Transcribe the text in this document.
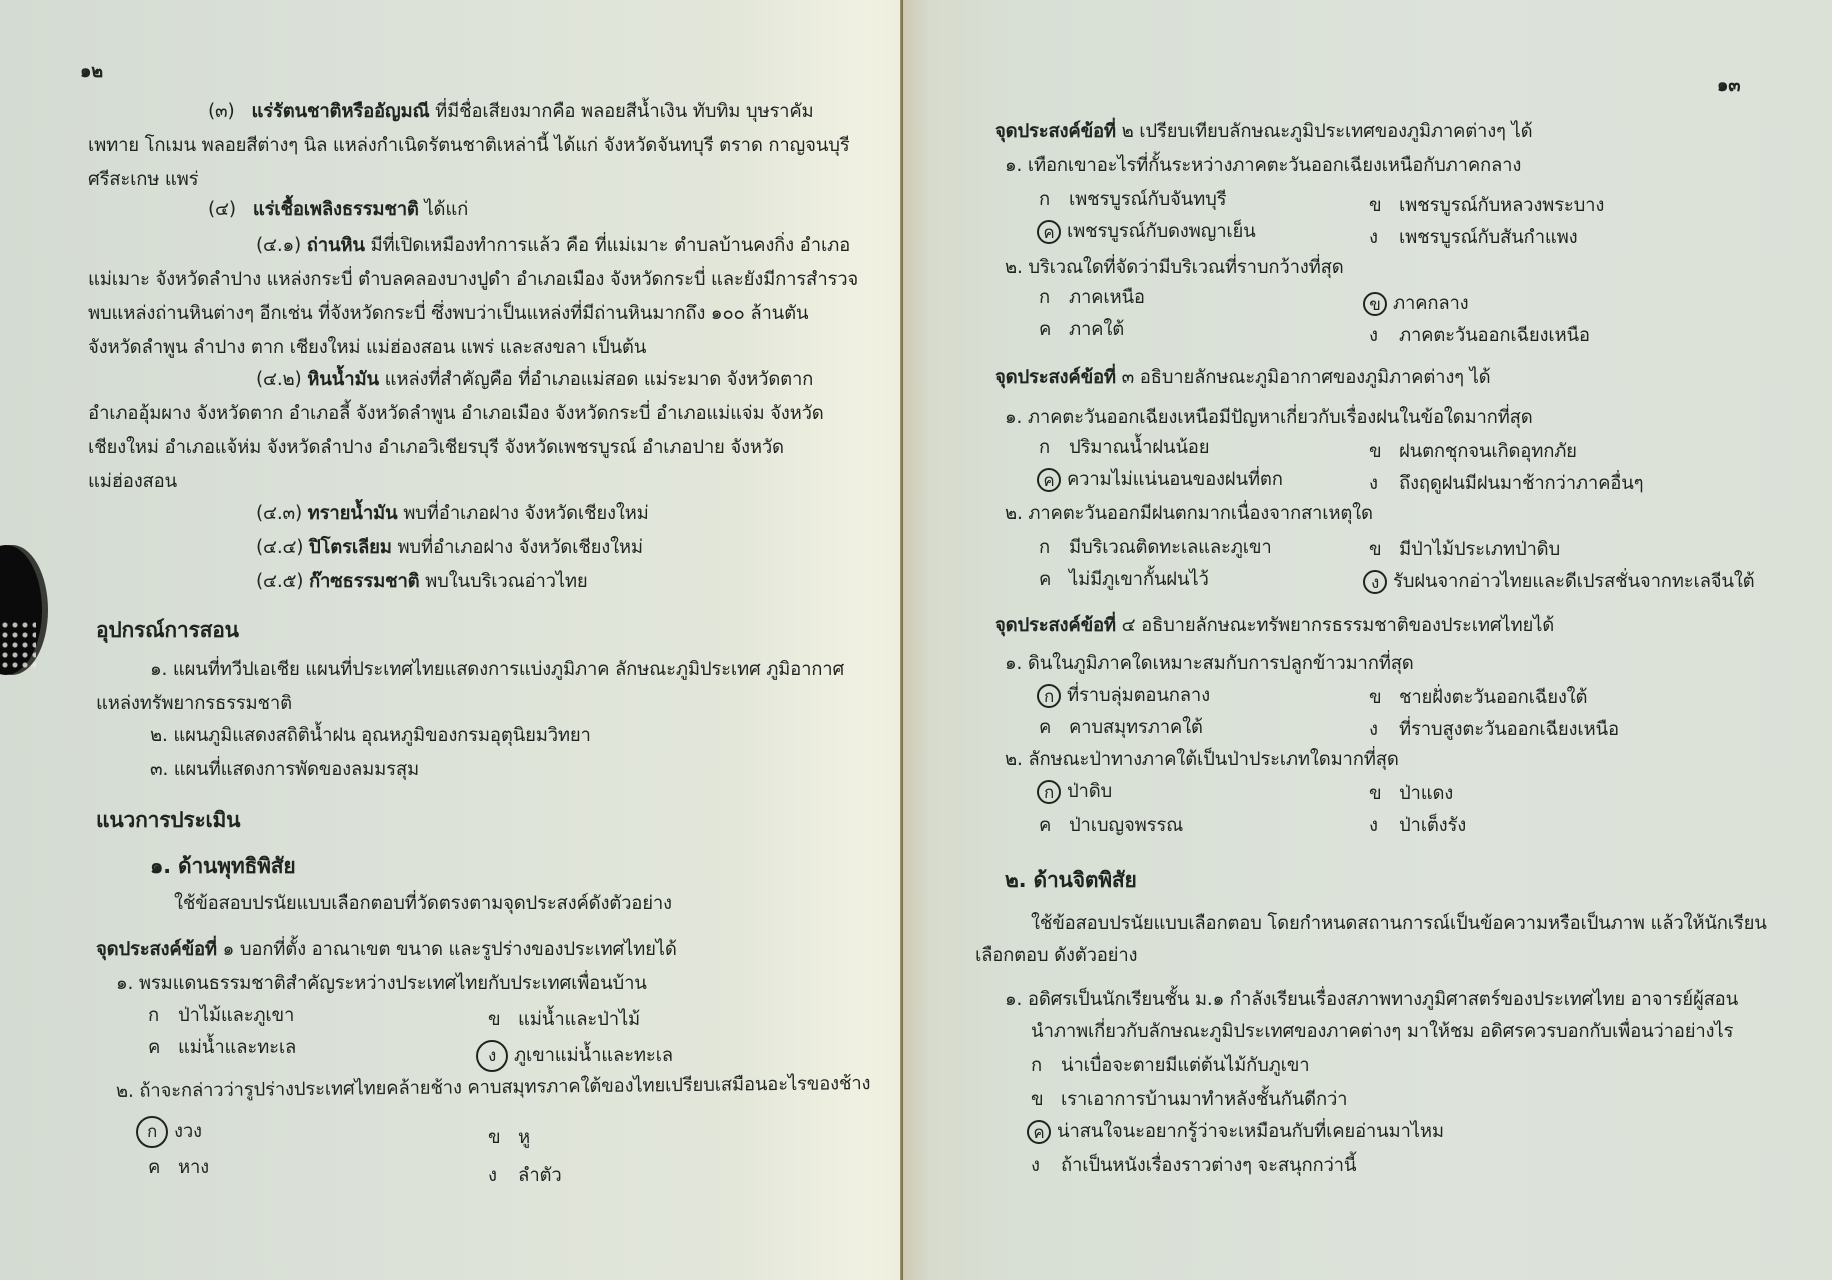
๑๒
(๓) แร่รัตนชาติหรืออัญมณี ที่มีชื่อเสียงมากคือ พลอยสีน้ำเงิน ทับทิม บุษราคัม
เพทาย โกเมน พลอยสีต่างๆ นิล แหล่งกำเนิดรัตนชาติเหล่านี้ ได้แก่ จังหวัดจันทบุรี ตราด กาญจนบุรี
ศรีสะเกษ แพร่
(๔) แร่เชื้อเพลิงธรรมชาติ ได้แก่
(๔.๑) ถ่านหิน มีที่เปิดเหมืองทำการแล้ว คือ ที่แม่เมาะ ตำบลบ้านคงกิ่ง อำเภอ
แม่เมาะ จังหวัดลำปาง แหล่งกระบี่ ตำบลคลองบางปูดำ อำเภอเมือง จังหวัดกระบี่ และยังมีการสำรวจ
พบแหล่งถ่านหินต่างๆ อีกเช่น ที่จังหวัดกระบี่ ซึ่งพบว่าเป็นแหล่งที่มีถ่านหินมากถึง ๑๐๐ ล้านตัน
จังหวัดลำพูน ลำปาง ตาก เชียงใหม่ แม่ฮ่องสอน แพร่ และสงขลา เป็นต้น
(๔.๒) หินน้ำมัน แหล่งที่สำคัญคือ ที่อำเภอแม่สอด แม่ระมาด จังหวัดตาก
อำเภออุ้มผาง จังหวัดตาก อำเภอลี้ จังหวัดลำพูน อำเภอเมือง จังหวัดกระบี่ อำเภอแม่แจ่ม จังหวัด
เชียงใหม่ อำเภอแจ้ห่ม จังหวัดลำปาง อำเภอวิเชียรบุรี จังหวัดเพชรบูรณ์ อำเภอปาย จังหวัด
แม่ฮ่องสอน
(๔.๓) ทรายน้ำมัน พบที่อำเภอฝาง จังหวัดเชียงใหม่
(๔.๔) ปิโตรเลียม พบที่อำเภอฝาง จังหวัดเชียงใหม่
(๔.๕) ก๊าซธรรมชาติ พบในบริเวณอ่าวไทย
อุปกรณ์การสอน
๑. แผนที่ทวีปเอเชีย แผนที่ประเทศไทยแสดงการแบ่งภูมิภาค ลักษณะภูมิประเทศ ภูมิอากาศ
แหล่งทรัพยากรธรรมชาติ
๒. แผนภูมิแสดงสถิติน้ำฝน อุณหภูมิของกรมอุตุนิยมวิทยา
๓. แผนที่แสดงการพัดของลมมรสุม
แนวการประเมิน
๑. ด้านพุทธิพิสัย
ใช้ข้อสอบปรนัยแบบเลือกตอบที่วัดตรงตามจุดประสงค์ดังตัวอย่าง
จุดประสงค์ข้อที่ ๑ บอกที่ตั้ง อาณาเขต ขนาด และรูปร่างของประเทศไทยได้
๑. พรมแดนธรรมชาติสำคัญระหว่างประเทศไทยกับประเทศเพื่อนบ้าน
ก ป่าไม้และภูเขา	ข แม่น้ำและป่าไม้
ค แม่น้ำและทะเล	ง ภูเขาแม่น้ำและทะเล
๒. ถ้าจะกล่าวว่ารูปร่างประเทศไทยคล้ายช้าง คาบสมุทรภาคใต้ของไทยเปรียบเสมือนอะไรของช้าง
ก งวง	ข หู
ค หาง	ง ลำตัว
๑๓
จุดประสงค์ข้อที่ ๒ เปรียบเทียบลักษณะภูมิประเทศของภูมิภาคต่างๆ ได้
๑. เทือกเขาอะไรที่กั้นระหว่างภาคตะวันออกเฉียงเหนือกับภาคกลาง
ก เพชรบูรณ์กับจันทบุรี	ข เพชรบูรณ์กับหลวงพระบาง
ค เพชรบูรณ์กับดงพญาเย็น	ง เพชรบูรณ์กับสันกำแพง
๒. บริเวณใดที่จัดว่ามีบริเวณที่ราบกว้างที่สุด
ก ภาคเหนือ	ข ภาคกลาง
ค ภาคใต้	ง ภาคตะวันออกเฉียงเหนือ
จุดประสงค์ข้อที่ ๓ อธิบายลักษณะภูมิอากาศของภูมิภาคต่างๆ ได้
๑. ภาคตะวันออกเฉียงเหนือมีปัญหาเกี่ยวกับเรื่องฝนในข้อใดมากที่สุด
ก ปริมาณน้ำฝนน้อย	ข ฝนตกชุกจนเกิดอุทกภัย
ค ความไม่แน่นอนของฝนที่ตก	ง ถึงฤดูฝนมีฝนมาช้ากว่าภาคอื่นๆ
๒. ภาคตะวันออกมีฝนตกมากเนื่องจากสาเหตุใด
ก มีบริเวณติดทะเลและภูเขา	ข มีป่าไม้ประเภทป่าดิบ
ค ไม่มีภูเขากั้นฝนไว้	ง รับฝนจากอ่าวไทยและดีเปรสชั่นจากทะเลจีนใต้
จุดประสงค์ข้อที่ ๔ อธิบายลักษณะทรัพยากรธรรมชาติของประเทศไทยได้
๑. ดินในภูมิภาคใดเหมาะสมกับการปลูกข้าวมากที่สุด
ก ที่ราบลุ่มตอนกลาง	ข ชายฝั่งตะวันออกเฉียงใต้
ค คาบสมุทรภาคใต้	ง ที่ราบสูงตะวันออกเฉียงเหนือ
๒. ลักษณะป่าทางภาคใต้เป็นป่าประเภทใดมากที่สุด
ก ป่าดิบ	ข ป่าแดง
ค ป่าเบญจพรรณ	ง ป่าเต็งรัง
๒. ด้านจิตพิสัย
ใช้ข้อสอบปรนัยแบบเลือกตอบ โดยกำหนดสถานการณ์เป็นข้อความหรือเป็นภาพ แล้วให้นักเรียน
เลือกตอบ ดังตัวอย่าง
๑. อดิศรเป็นนักเรียนชั้น ม.๑ กำลังเรียนเรื่องสภาพทางภูมิศาสตร์ของประเทศไทย อาจารย์ผู้สอน
นำภาพเกี่ยวกับลักษณะภูมิประเทศของภาคต่างๆ มาให้ชม อดิศรควรบอกกับเพื่อนว่าอย่างไร
ก น่าเบื่อจะตายมีแต่ต้นไม้กับภูเขา
ข เราเอาการบ้านมาทำหลังชั้นกันดีกว่า
ค น่าสนใจนะอยากรู้ว่าจะเหมือนกับที่เคยอ่านมาไหม
ง ถ้าเป็นหนังเรื่องราวต่างๆ จะสนุกกว่านี้
